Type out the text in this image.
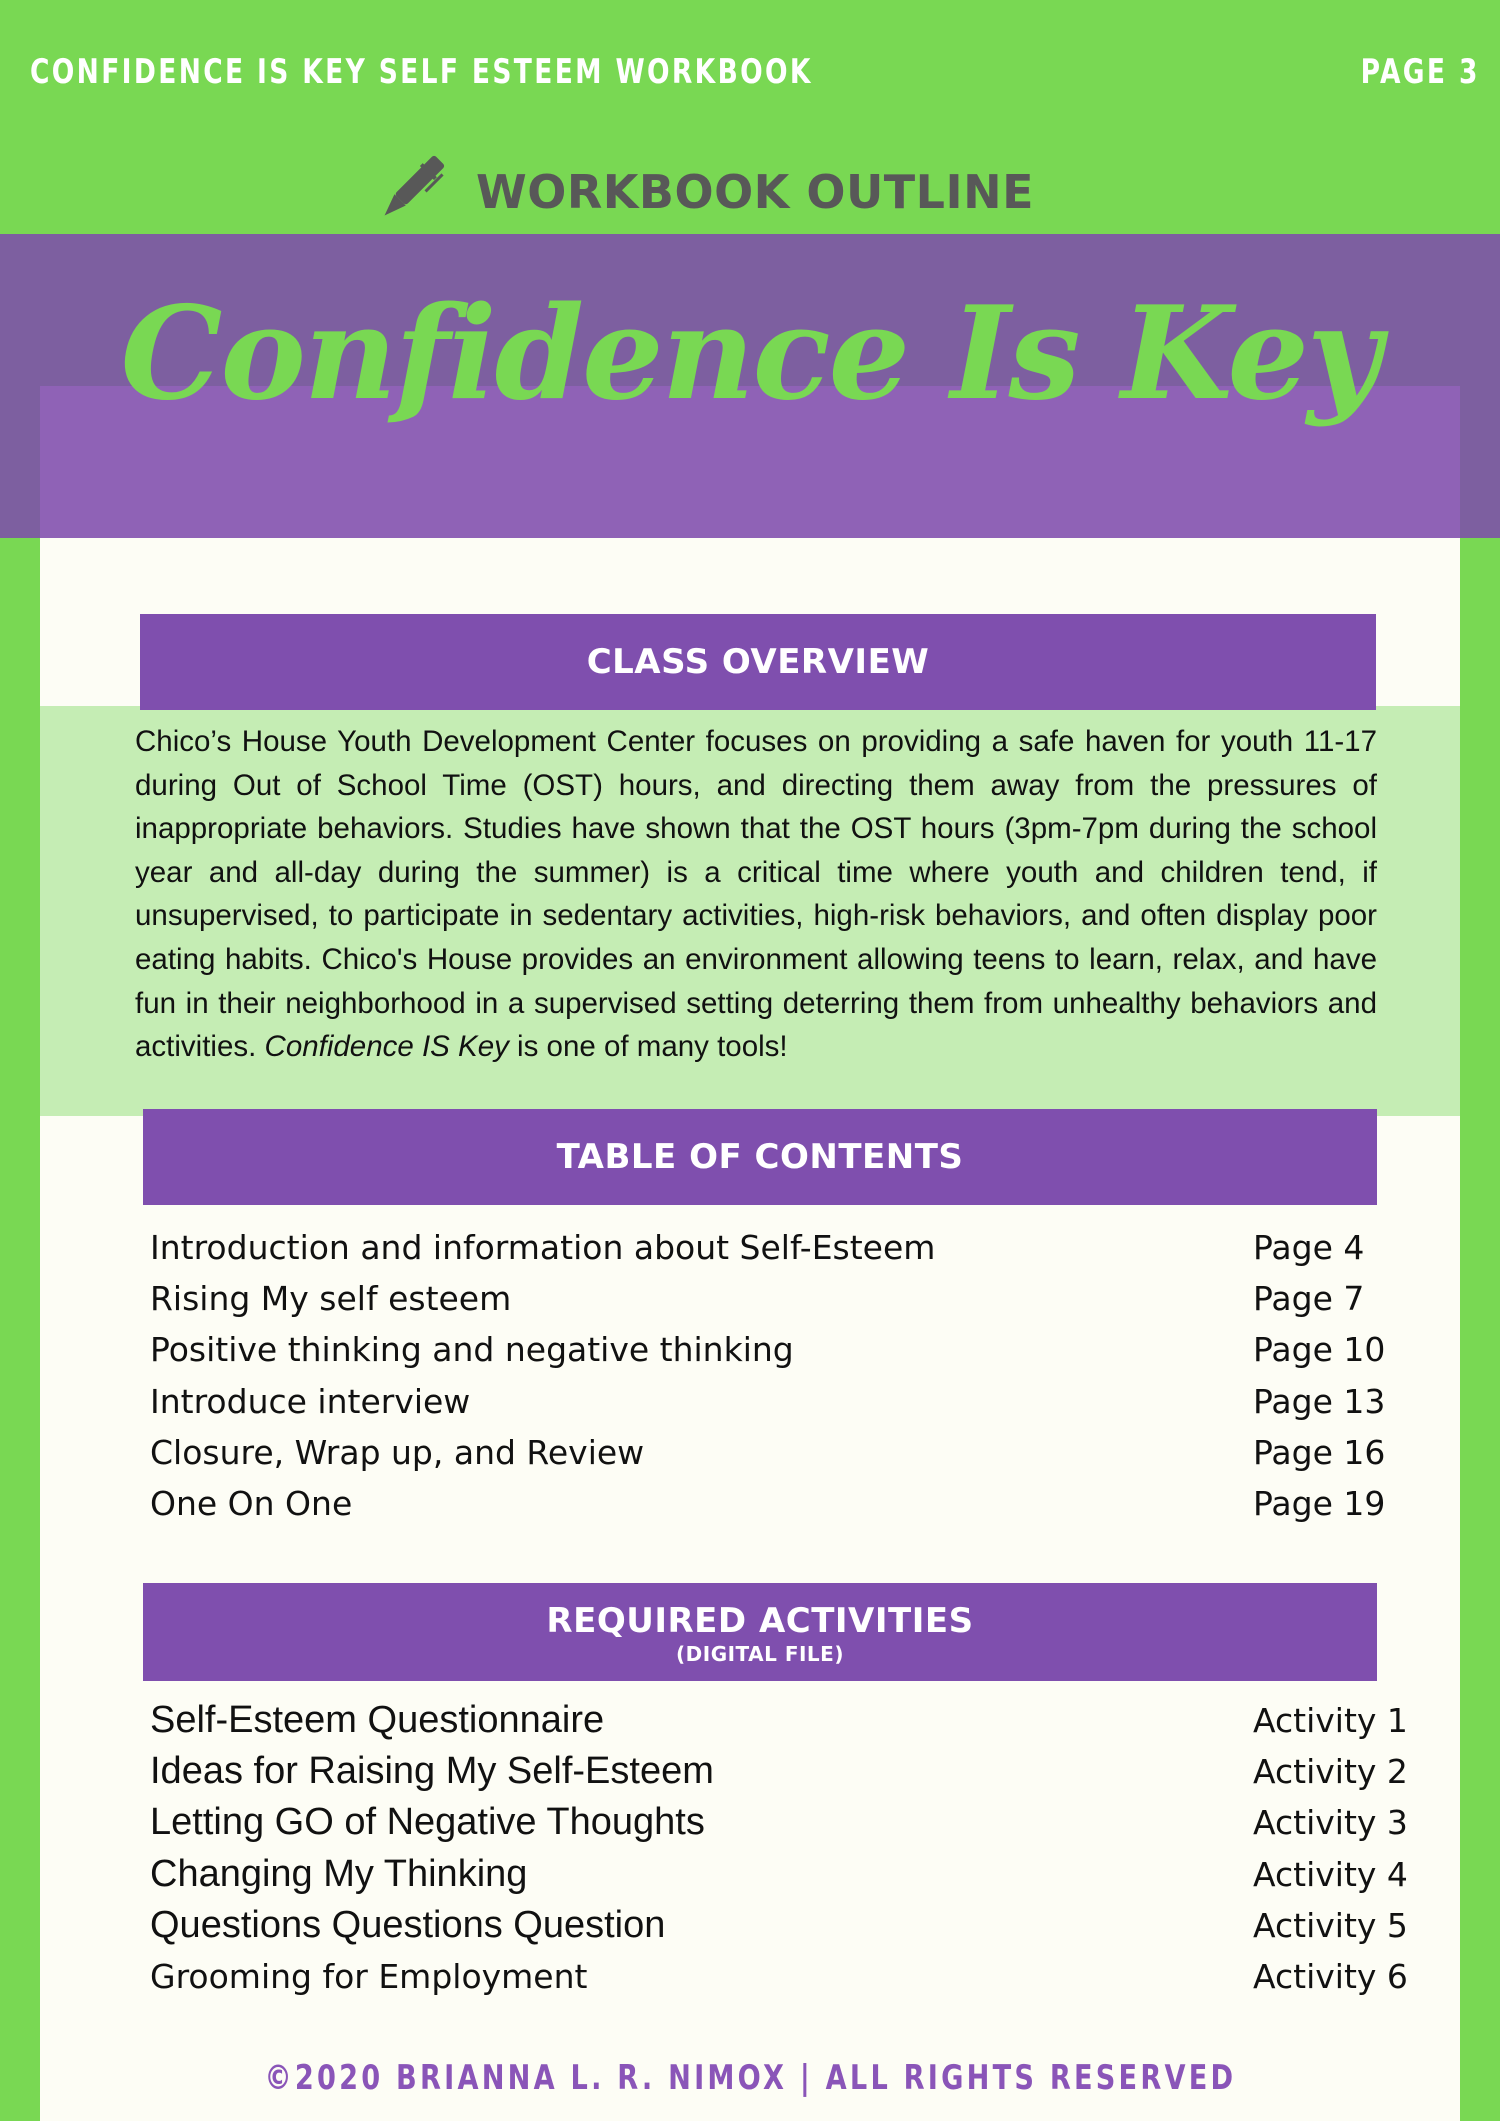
CONFIDENCE IS KEY SELF ESTEEM WORKBOOK	PAGE 3
WORKBOOK OUTLINE
Confidence Is Key
CLASS OVERVIEW

Chico’s House Youth Development Center focuses on providing a safe haven for youth 11-17 during Out of School Time (OST) hours, and directing them away from the pressures of inappropriate behaviors. Studies have shown that the OST hours (3pm-7pm during the school year and all-day during the summer) is a critical time where youth and children tend, if unsupervised, to participate in sedentary activities, high-risk behaviors, and often display poor eating habits. Chico's House provides an environment allowing teens to learn, relax, and have fun in their neighborhood in a supervised setting deterring them from unhealthy behaviors and activities. Confidence IS Key is one of many tools!

TABLE OF CONTENTS
Introduction and information about Self-Esteem	Page 4
Rising My self esteem	Page 7
Positive thinking and negative thinking	Page 10
Introduce interview	Page 13
Closure, Wrap up, and Review	Page 16
One On One	Page 19
REQUIRED ACTIVITIES
(DIGITAL FILE)
Self-Esteem Questionnaire	Activity 1
Ideas for Raising My Self-Esteem	Activity 2
Letting GO of Negative Thoughts	Activity 3
Changing My Thinking	Activity 4
Questions Questions Question	Activity 5
Grooming for Employment	Activity 6
©2020 BRIANNA L. R. NIMOX | ALL RIGHTS RESERVED
